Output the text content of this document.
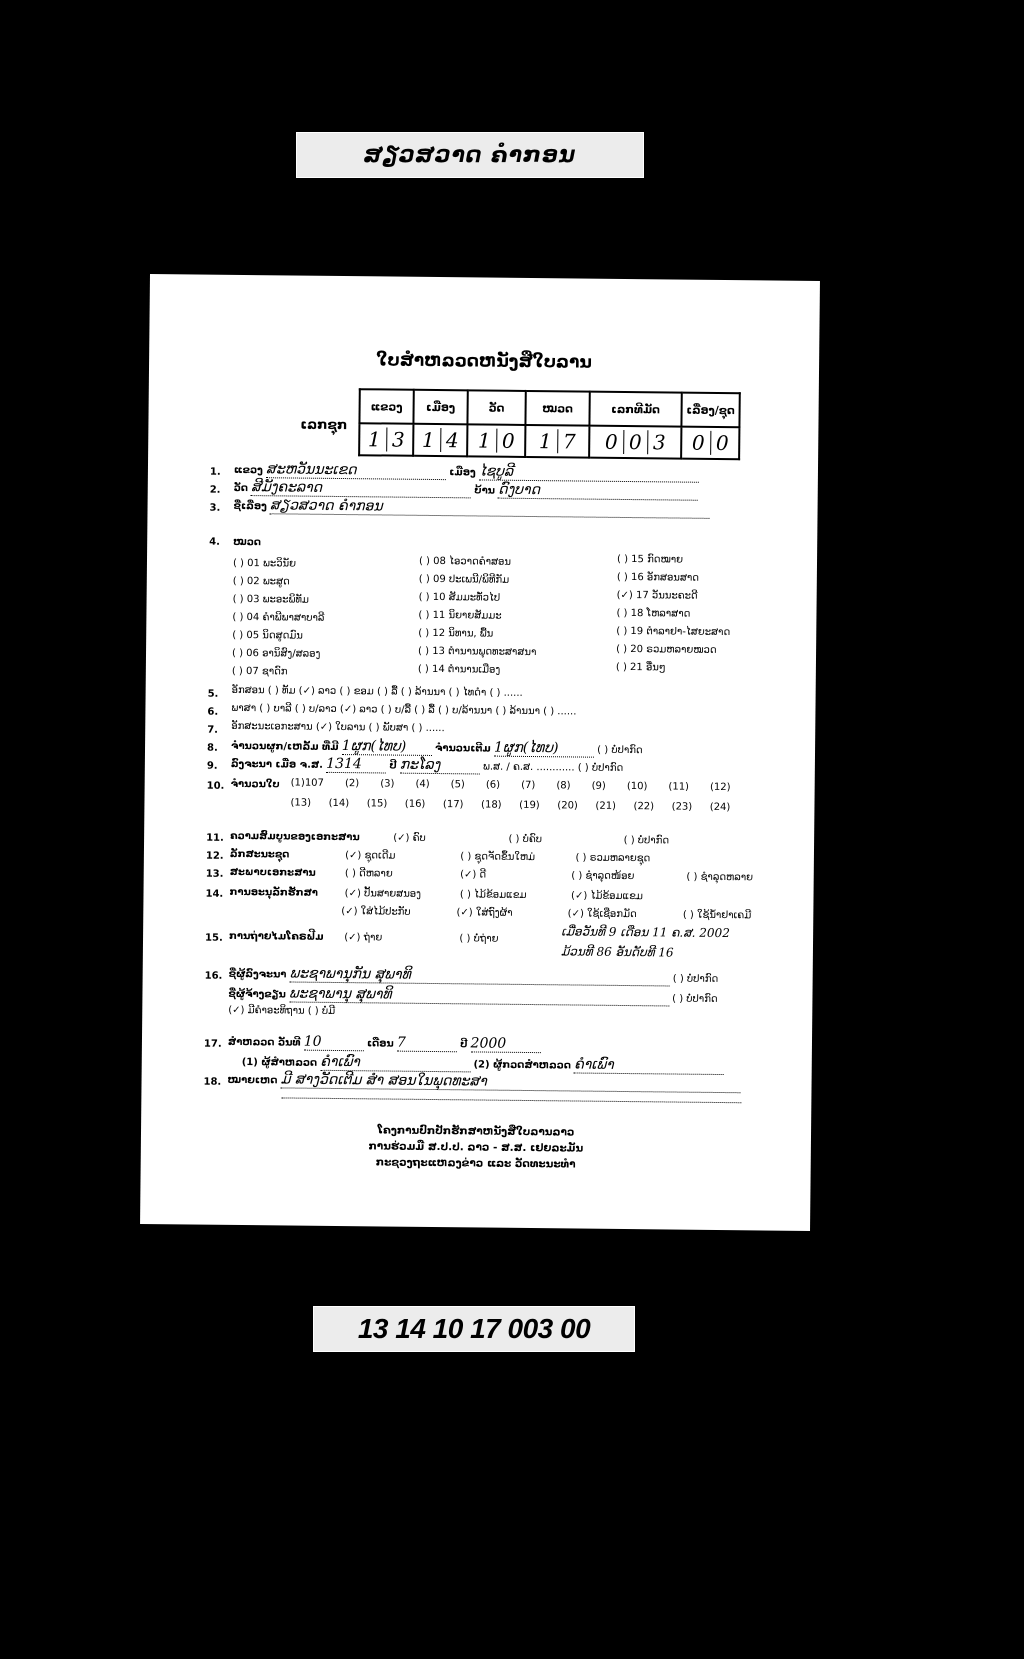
ສຽວສວາດ ຄໍາກອນ
ໃບສໍາຫລວດຫນັງສືໃບລານ
ເລກຊຸກ
ແຂວງ	ເມືອງ	ວັດ	ໝວດ	ເລກທີມັດ	ເລື່ອງ/ຊຸດ
1 3	1 4	1 0	1 7	0 0 3	0 0
1. ແຂວງ ສະຫວັນນະເຂດ	ເມືອງ ໄຊບູລີ
2. ວັດ ສີມັງຄະລາດ	ບ້ານ ດົງບາດ
3. ຊື່ເລື່ອງ ສຽວສວາດ ຄໍາກອນ
4. ໝວດ
( ) 01 ພະວິນັຍ
( ) 02 ພະສູດ
( ) 03 ພະອະພິທັມ
( ) 04 ຄໍາພີພາສາບາລີ
( ) 05 ນິດສູດມົນ
( ) 06 ອານິສົງ/ສລອງ
( ) 07 ຊາດົກ
( ) 08 ໄອວາດຄໍາສອນ
( ) 09 ປະເພນີ/ພິທີກັມ
( ) 10 ສັມມະທັ່ວໄປ
( ) 11 ນິຍາຍສັມມະ
( ) 12 ນິທານ, ພື້ນ
( ) 13 ຕໍານານພຸດທະສາສນາ
( ) 14 ຕໍານານເມືອງ
( ) 15 ກົດໝາຍ
( ) 16 ອັກສອນສາດ
(✓) 17 ວັນນະຄະດີ
( ) 18 ໂຫລາສາດ
( ) 19 ຕໍາລາຢາ-ໄສຍະສາດ
( ) 20 ຣວມຫລາຍໝວດ
( ) 21 ອື່ນໆ
5. ອັກສອນ ( ) ທັມ (✓) ລາວ ( ) ຂອມ ( ) ລື້ ( ) ລ້ານນາ ( ) ໄທດໍາ ( ) ......
6. ພາສາ ( ) ບາລີ ( ) ບ/ລາວ (✓) ລາວ ( ) ບ/ລື້ ( ) ລື້ ( ) ບ/ລ້ານນາ ( ) ລ້ານນາ ( ) ......
7. ອັກສະນະເອກະສານ (✓) ໃບລານ ( ) ພັບສາ ( ) ......
8. ຈໍານວນຜູກ/ເຫລັ້ມ ທີ່ມີ 1ຜູກ(ໄທບ)	ຈໍານວນເຕີມ 1ຜູກ(ໄທບ)	( ) ບໍ່ປາກົດ
9. ລົງຈະນາ ເມື່ອ ຈ.ສ. 1314	ປີ ກະໂລງ	ພ.ສ. / ຄ.ສ. ............ ( ) ບໍ່ປາກົດ
10. ຈໍານວນໃບ (1)107 (2) (3) (4) (5) (6) (7) (8) (9) (10) (11) (12)
(13) (14) (15) (16) (17) (18) (19) (20) (21) (22) (23) (24)
11. ຄວາມສົມບູນຂອງເອກະສານ	(✓) ຄົບ	( ) ບໍ່ຄົບ	( ) ບໍ່ປາກົດ
12. ລັກສະນະຊຸດ	(✓) ຊຸດເດີມ	( ) ຊຸດຈັດຂຶ້ນໃຫມ່	( ) ຣວມຫລາຍຊຸດ
13. ສະພາບເອກະສານ	( ) ດີຫລາຍ	(✓) ດີ	( ) ຊໍາລຸດໜ້ອຍ	( ) ຊໍາລຸດຫລາຍ
14. ການອະນຸລັກຮັກສາ	(✓) ປັ້ນສາຍສນອງ	( ) ໄມ້ຂ້ອມແຂມ	(✓) ໄມ້ຂ້ອມແຂມ
(✓) ໃສ່ໄມ້ປະກັບ	(✓) ໃສ່ຖົງຜ້າ	(✓) ໃຊ້ເຊືອກມັດ	( ) ໃຊ້ນໍ້າຢາເຄມີ
15. ການຖ່າຍໄມໂຄຣຟີມ (✓) ຖ່າຍ	( ) ບໍ່ຖ່າຍ	ເມື່ອວັນທີ 9 ເດືອນ 11 ຄ.ສ. 2002
ມ້ວນທີ 86 ອັນດັບທີ 16
16. ຊື່ຜູ້ລົງຈະນາ ພະຊາພານຸກັນ ສຸພາທິ	( ) ບໍ່ປາກົດ
ຊື່ຜູ້ຈ້າງຂຽນ ພະຊາພານຸ ສຸພາທິ	( ) ບໍ່ປາກົດ
(✓) ມີຄໍາອະທິຖານ ( ) ບໍ່ມີ
17. ສໍາຫລວດ ວັນທີ 10	ເດືອນ 7	ປີ 2000
(1) ຜູ້ສໍາຫລວດ ຄໍາເພົາ	(2) ຜູ້ກວດສໍາຫລວດ ຄໍາເພົາ
18. ໝາຍເຫດ ມີ ສາງວັດເຕີມ ສໍາ ສອນໃນພຸດທະສາ
ໂຄງການປົກປັກຮັກສາຫນັງສືໃບລານລາວ
ການຮ່ວມມື ສ.ປ.ປ. ລາວ - ສ.ສ. ເຢຍລະມັນ
ກະຊວງຖະແຫລງຂ່າວ ແລະ ວັດທະນະທໍາ
13 14 10 17 003 00
